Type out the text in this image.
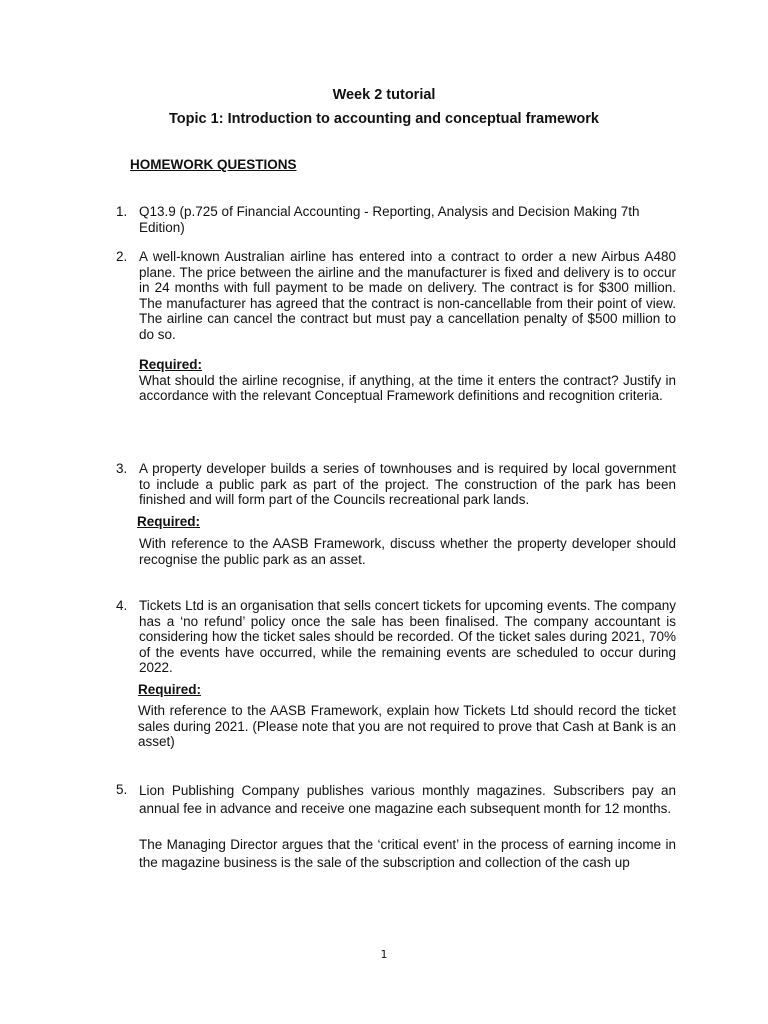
Week 2 tutorial
Topic 1: Introduction to accounting and conceptual framework
HOMEWORK QUESTIONS
1. Q13.9 (p.725 of Financial Accounting - Reporting, Analysis and Decision Making 7th Edition)

2. A well-known Australian airline has entered into a contract to order a new Airbus A480 plane. The price between the airline and the manufacturer is fixed and delivery is to occur in 24 months with full payment to be made on delivery. The contract is for $300 million. The manufacturer has agreed that the contract is non-cancellable from their point of view. The airline can cancel the contract but must pay a cancellation penalty of $500 million to do so.

Required:

What should the airline recognise, if anything, at the time it enters the contract? Justify in accordance with the relevant Conceptual Framework definitions and recognition criteria.

3. A property developer builds a series of townhouses and is required by local government to include a public park as part of the project. The construction of the park has been finished and will form part of the Councils recreational park lands.

Required:

With reference to the AASB Framework, discuss whether the property developer should recognise the public park as an asset.

4. Tickets Ltd is an organisation that sells concert tickets for upcoming events. The company has a ‘no refund’ policy once the sale has been finalised. The company accountant is considering how the ticket sales should be recorded. Of the ticket sales during 2021, 70% of the events have occurred, while the remaining events are scheduled to occur during 2022.

Required:

With reference to the AASB Framework, explain how Tickets Ltd should record the ticket sales during 2021. (Please note that you are not required to prove that Cash at Bank is an asset)

5. Lion Publishing Company publishes various monthly magazines. Subscribers pay an annual fee in advance and receive one magazine each subsequent month for 12 months.

The Managing Director argues that the ‘critical event’ in the process of earning income in the magazine business is the sale of the subscription and collection of the cash up

1
